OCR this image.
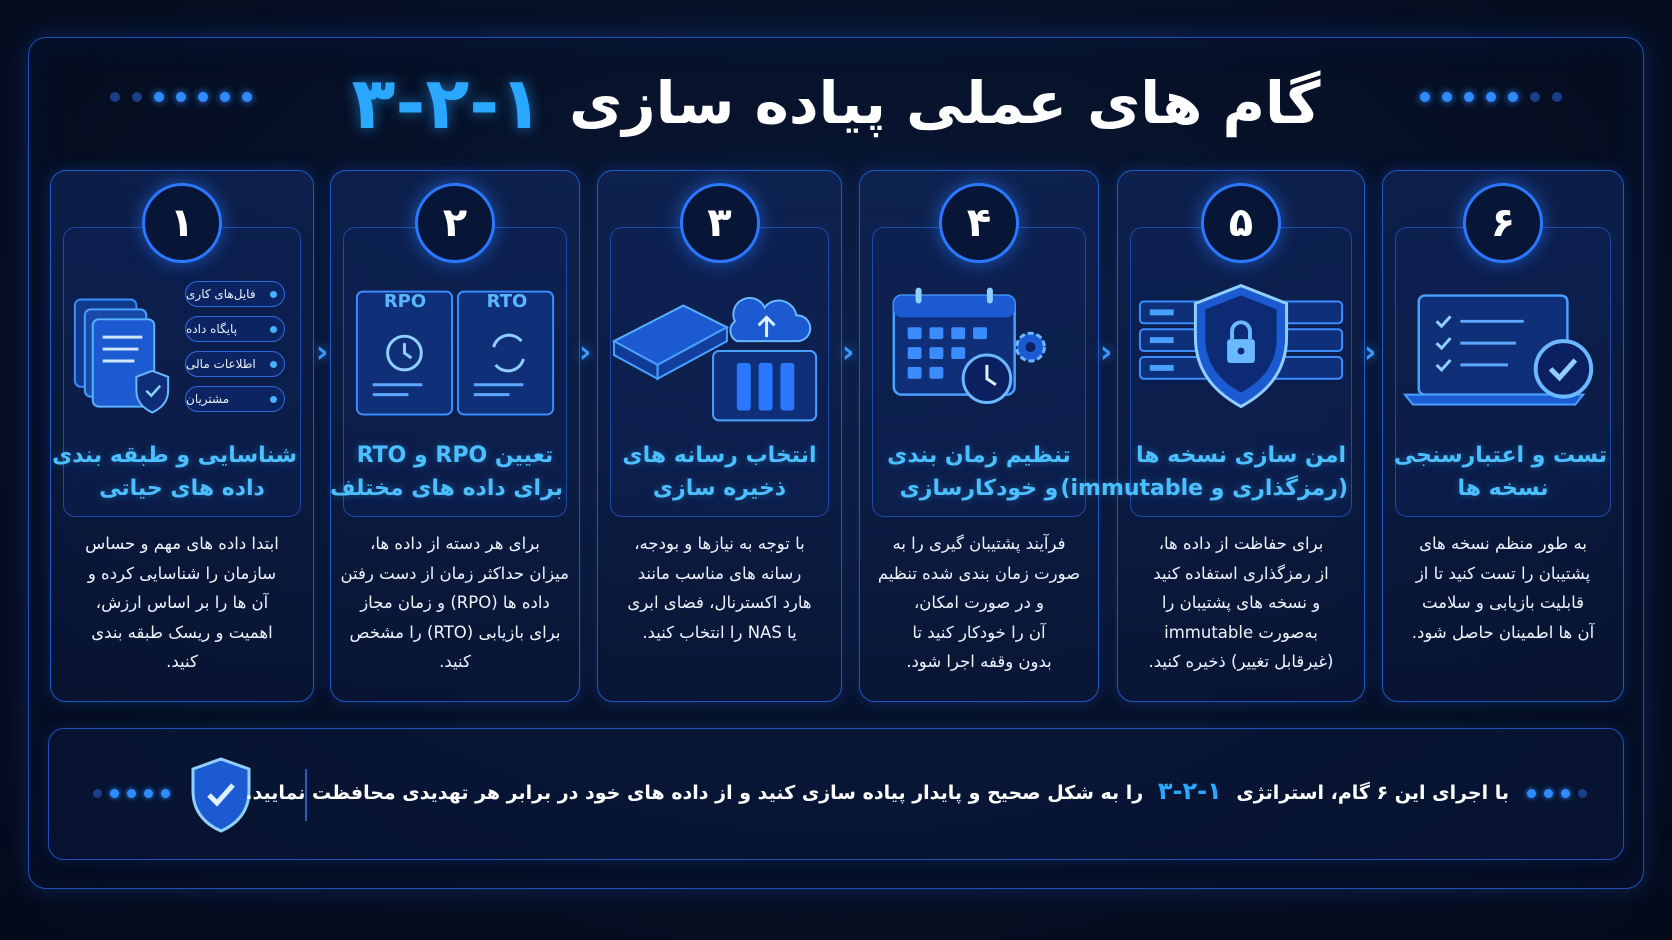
گام های عملی پیاده سازی
۳-۲-۱
۱
فایل‌های کاری
پایگاه داده
اطلاعات مالی
مشتریان
شناسایی و طبقه بندی
داده های حیاتی
ابتدا داده های مهم و حساس
سازمان را شناسایی کرده و
آن ها را بر اساس ارزش،
اهمیت و ریسک طبقه بندی
کنید.
›
۲
RPO	RTO
تعیین RPO و RTO
برای داده های مختلف
برای هر دسته از داده ها،
میزان حداکثر زمان از دست رفتن
داده ها (RPO) و زمان مجاز
برای بازیابی (RTO) را مشخص
کنید.
›
۳
انتخاب رسانه های
ذخیره سازی
با توجه به نیازها و بودجه،
رسانه های مناسب مانند
هارد اکسترنال، فضای ابری
یا NAS را انتخاب کنید.
›
۴
تنظیم زمان بندی
و خودکارسازی
فرآیند پشتیبان گیری را به
صورت زمان بندی شده تنظیم
و در صورت امکان،
آن را خودکار کنید تا
بدون وقفه اجرا شود.
›
۵
امن سازی نسخه ها
(رمزگذاری و immutable)
برای حفاظت از داده ها،
از رمزگذاری استفاده کنید
و نسخه های پشتیبان را
به‌صورت immutable
(غیرقابل تغییر) ذخیره کنید.
›
۶
تست و اعتبارسنجی
نسخه ها
به طور منظم نسخه های
پشتیبان را تست کنید تا از
قابلیت بازیابی و سلامت
آن ها اطمینان حاصل شود.
با اجرای این ۶ گام، استراتژی ۳-۲-۱ را به شکل صحیح و پایدار پیاده سازی کنید و از داده های خود در برابر هر تهدیدی محافظت نمایید.
